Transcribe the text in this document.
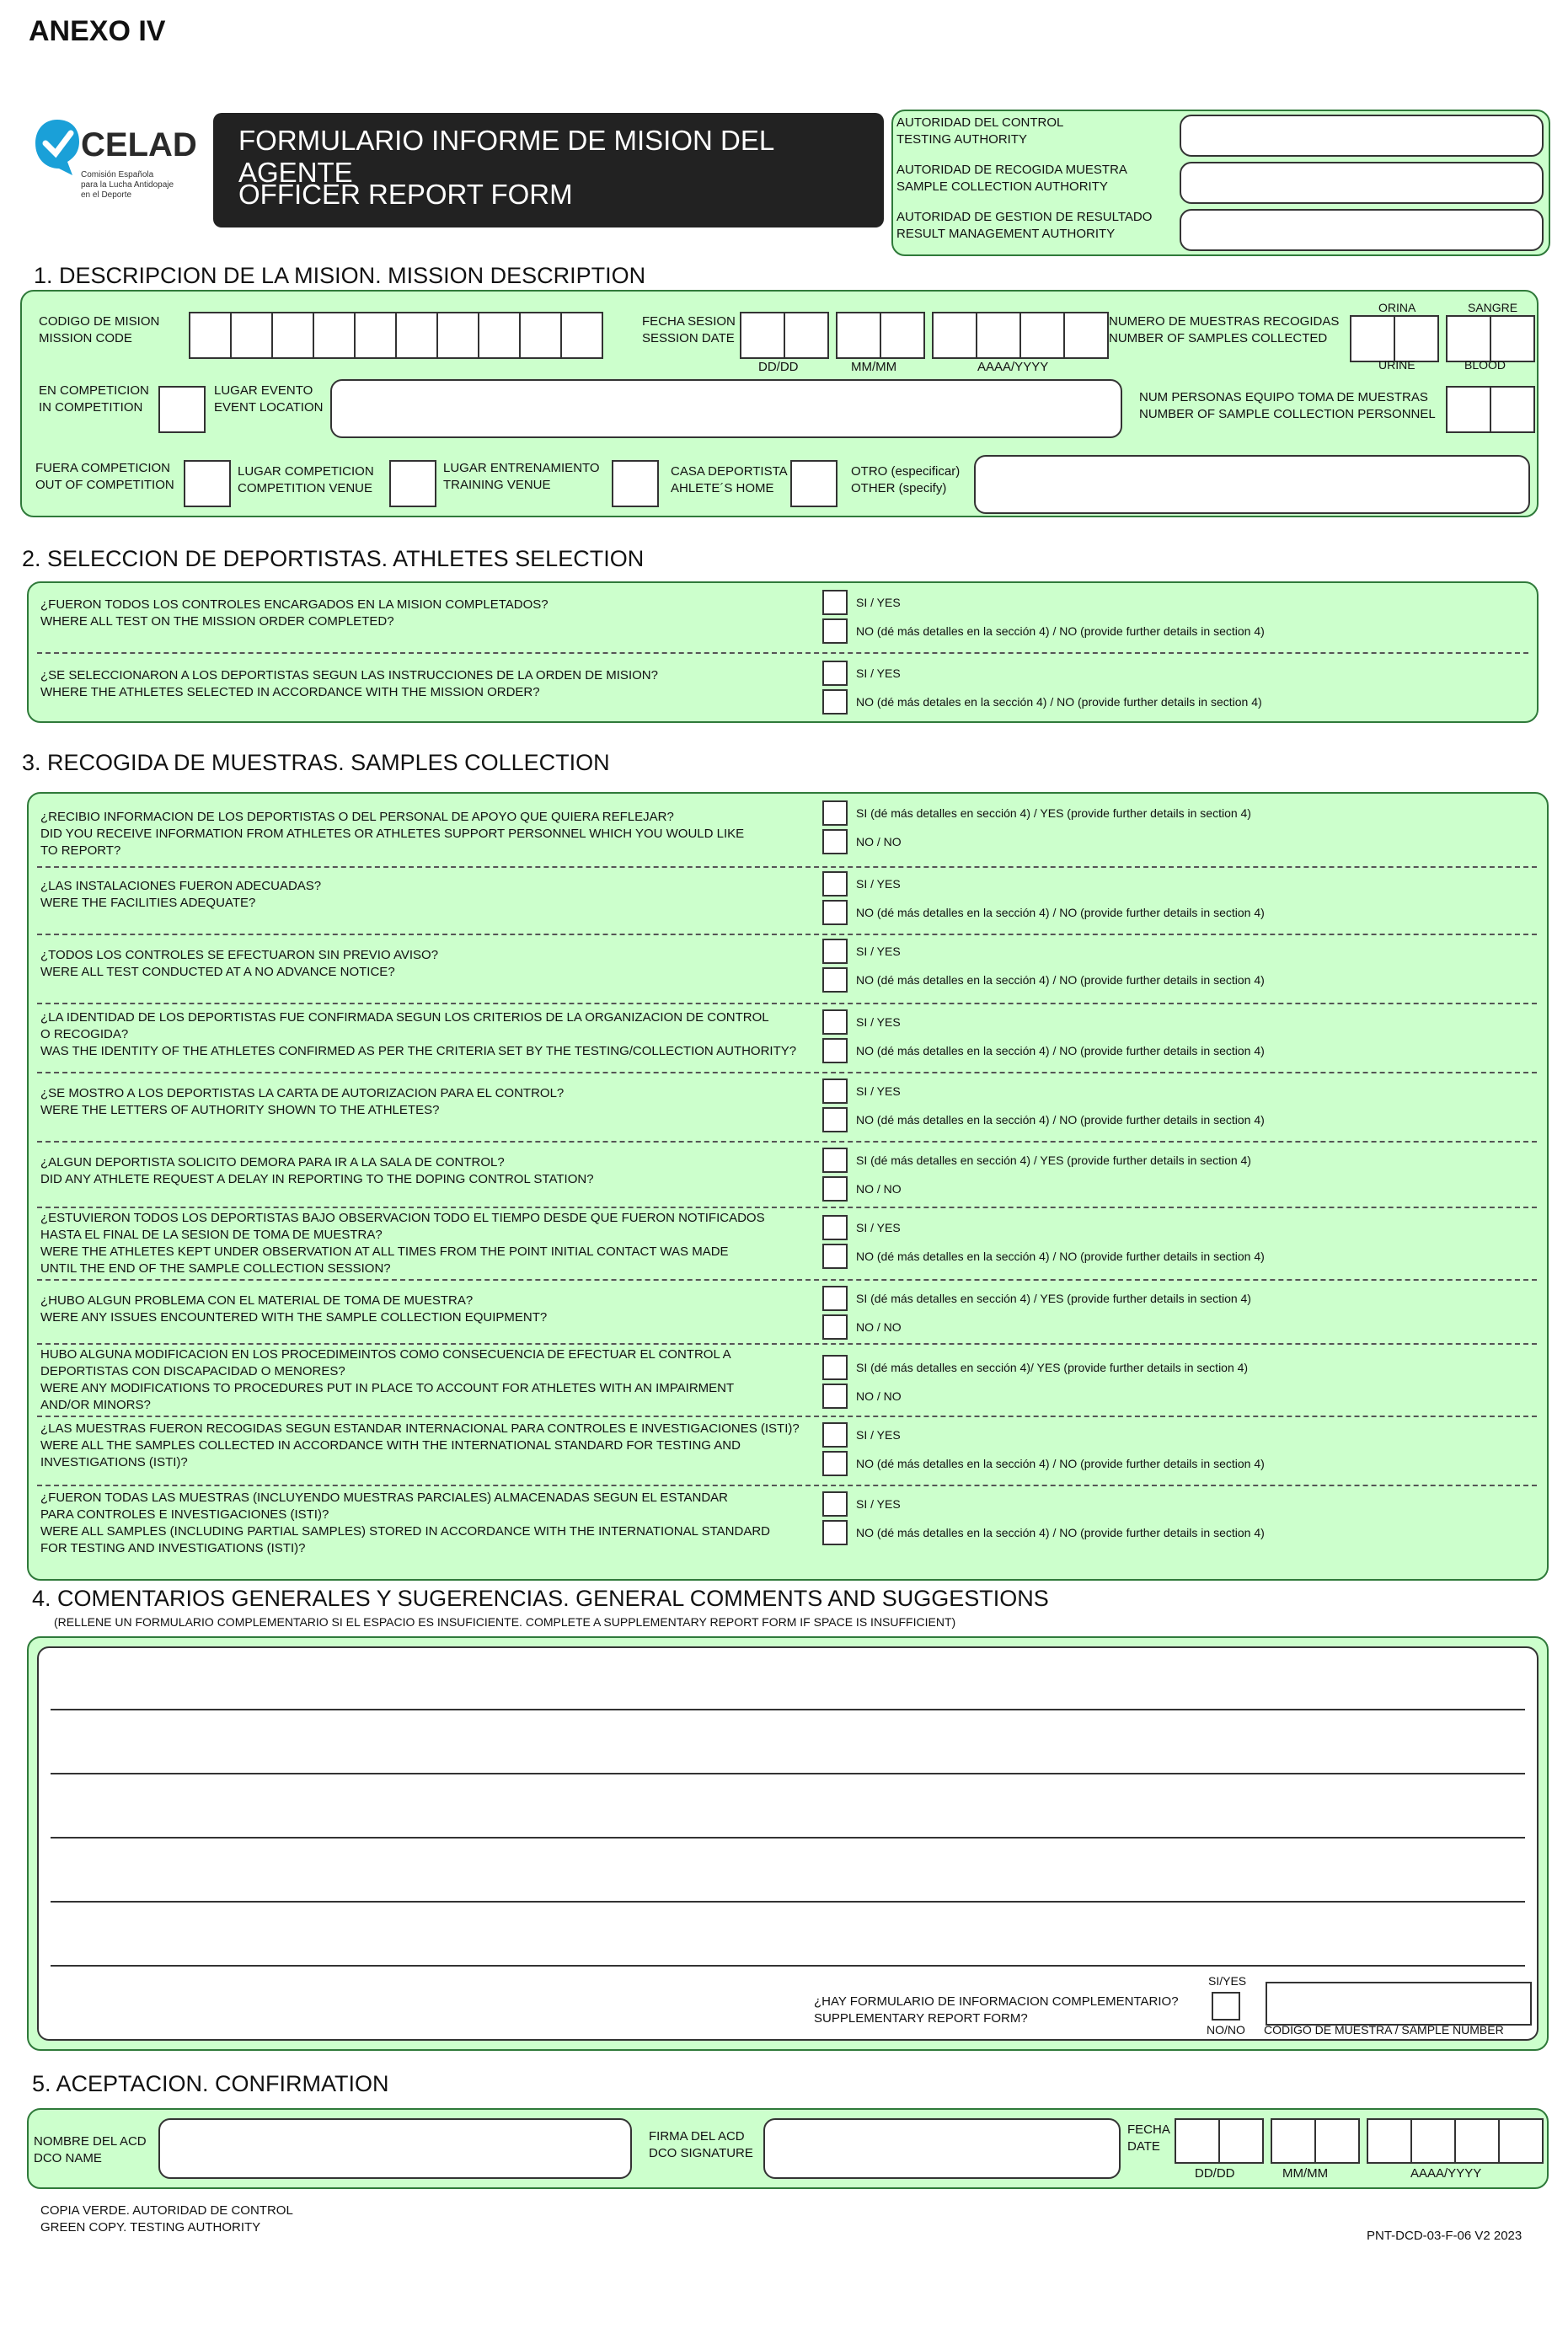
ANEXO IV
CELAD
Comisión Española
para la Lucha Antidopaje
en el Deporte
FORMULARIO INFORME DE MISION DEL AGENTE
OFFICER REPORT FORM
AUTORIDAD DEL CONTROL
TESTING AUTHORITY
AUTORIDAD DE RECOGIDA MUESTRA
SAMPLE COLLECTION AUTHORITY
AUTORIDAD DE GESTION DE RESULTADO
RESULT MANAGEMENT AUTHORITY
1. DESCRIPCION DE LA MISION. MISSION DESCRIPTION
CODIGO DE MISION
MISSION CODE
FECHA SESION
SESSION DATE
DD/DD	MM/MM	AAAA/YYYY
NUMERO DE MUESTRAS RECOGIDAS
NUMBER OF SAMPLES COLLECTED
ORINA	SANGRE
URINE	BLOOD
EN COMPETICION
IN COMPETITION
LUGAR EVENTO
EVENT LOCATION
NUM PERSONAS EQUIPO TOMA DE MUESTRAS
NUMBER OF SAMPLE COLLECTION PERSONNEL
FUERA COMPETICION
OUT OF COMPETITION
LUGAR COMPETICION
COMPETITION VENUE
LUGAR ENTRENAMIENTO
TRAINING VENUE
CASA DEPORTISTA
AHLETE´S HOME
OTRO (especificar)
OTHER (specify)
2. SELECCION DE DEPORTISTAS. ATHLETES SELECTION
¿FUERON TODOS LOS CONTROLES ENCARGADOS EN LA MISION COMPLETADOS?
WHERE ALL TEST ON THE MISSION ORDER COMPLETED?
SI / YES
NO (dé más detalles en la sección 4) / NO (provide further details in section 4)
¿SE SELECCIONARON A LOS DEPORTISTAS SEGUN LAS INSTRUCCIONES DE LA ORDEN DE MISION?
WHERE THE ATHLETES SELECTED IN ACCORDANCE WITH THE MISSION ORDER?
SI / YES
NO (dé más detales en la sección 4) / NO (provide further details in section 4)
3. RECOGIDA DE MUESTRAS. SAMPLES COLLECTION
¿RECIBIO INFORMACION DE LOS DEPORTISTAS O DEL PERSONAL DE APOYO QUE QUIERA REFLEJAR?
DID YOU RECEIVE INFORMATION FROM ATHLETES OR ATHLETES SUPPORT PERSONNEL WHICH YOU WOULD LIKE
TO REPORT?
SI (dé más detalles en sección 4) / YES (provide further details in section 4)
NO / NO
¿LAS INSTALACIONES FUERON ADECUADAS?
WERE THE FACILITIES ADEQUATE?
SI / YES
NO (dé más detalles en la sección 4) / NO (provide further details in section 4)
¿TODOS LOS CONTROLES SE EFECTUARON SIN PREVIO AVISO?
WERE ALL TEST CONDUCTED AT A NO ADVANCE NOTICE?
SI / YES
NO (dé más detalles en la sección 4) / NO (provide further details in section 4)
¿LA IDENTIDAD DE LOS DEPORTISTAS FUE CONFIRMADA SEGUN LOS CRITERIOS DE LA ORGANIZACION DE CONTROL
O RECOGIDA?
WAS THE IDENTITY OF THE ATHLETES CONFIRMED AS PER THE CRITERIA SET BY THE TESTING/COLLECTION AUTHORITY?
SI / YES
NO (dé más detalles en la sección 4) / NO (provide further details in section 4)
¿SE MOSTRO A LOS DEPORTISTAS LA CARTA DE AUTORIZACION PARA EL CONTROL?
WERE THE LETTERS OF AUTHORITY SHOWN TO THE ATHLETES?
SI / YES
NO (dé más detalles en la sección 4) / NO (provide further details in section 4)
¿ALGUN DEPORTISTA SOLICITO DEMORA PARA IR A LA SALA DE CONTROL?
DID ANY ATHLETE REQUEST A DELAY IN REPORTING TO THE DOPING CONTROL STATION?
SI (dé más detalles en sección 4) / YES (provide further details in section 4)
NO / NO
¿ESTUVIERON TODOS LOS DEPORTISTAS BAJO OBSERVACION TODO EL TIEMPO DESDE QUE FUERON NOTIFICADOS
HASTA EL FINAL DE LA SESION DE TOMA DE MUESTRA?
WERE THE ATHLETES KEPT UNDER OBSERVATION AT ALL TIMES FROM THE POINT INITIAL CONTACT WAS MADE
UNTIL THE END OF THE SAMPLE COLLECTION SESSION?
SI / YES
NO (dé más detalles en la sección 4) / NO (provide further details in section 4)
¿HUBO ALGUN PROBLEMA CON EL MATERIAL DE TOMA DE MUESTRA?
WERE ANY ISSUES ENCOUNTERED WITH THE SAMPLE COLLECTION EQUIPMENT?
SI (dé más detalles en sección 4) / YES (provide further details in section 4)
NO / NO
HUBO ALGUNA MODIFICACION EN LOS PROCEDIMEINTOS COMO CONSECUENCIA DE EFECTUAR EL CONTROL A
DEPORTISTAS CON DISCAPACIDAD O MENORES?
WERE ANY MODIFICATIONS TO PROCEDURES PUT IN PLACE TO ACCOUNT FOR ATHLETES WITH AN IMPAIRMENT
AND/OR MINORS?
SI (dé más detalles en sección 4)/ YES (provide further details in section 4)
NO / NO
¿LAS MUESTRAS FUERON RECOGIDAS SEGUN ESTANDAR INTERNACIONAL PARA CONTROLES E INVESTIGACIONES (ISTI)?
WERE ALL THE SAMPLES COLLECTED IN ACCORDANCE WITH THE INTERNATIONAL STANDARD FOR TESTING AND
INVESTIGATIONS (ISTI)?
SI / YES
NO (dé más detalles en la sección 4) / NO (provide further details in section 4)
¿FUERON TODAS LAS MUESTRAS (INCLUYENDO MUESTRAS PARCIALES) ALMACENADAS SEGUN EL ESTANDAR
PARA CONTROLES E INVESTIGACIONES (ISTI)?
WERE ALL SAMPLES (INCLUDING PARTIAL SAMPLES) STORED IN ACCORDANCE WITH THE INTERNATIONAL STANDARD
FOR TESTING AND INVESTIGATIONS (ISTI)?
SI / YES
NO (dé más detalles en la sección 4) / NO (provide further details in section 4)
4. COMENTARIOS GENERALES Y SUGERENCIAS. GENERAL COMMENTS AND SUGGESTIONS
(RELLENE UN FORMULARIO COMPLEMENTARIO SI EL ESPACIO ES INSUFICIENTE. COMPLETE A SUPPLEMENTARY REPORT FORM IF SPACE IS INSUFFICIENT)
¿HAY FORMULARIO DE INFORMACION COMPLEMENTARIO?
SUPPLEMENTARY REPORT FORM?
SI/YES
NO/NO CODIGO DE MUESTRA / SAMPLE NUMBER
5. ACEPTACION. CONFIRMATION
NOMBRE DEL ACD
DCO NAME
FIRMA DEL ACD
DCO SIGNATURE
FECHA
DATE
DD/DD	MM/MM	AAAA/YYYY
COPIA VERDE. AUTORIDAD DE CONTROL
GREEN COPY. TESTING AUTHORITY
PNT-DCD-03-F-06 V2 2023
